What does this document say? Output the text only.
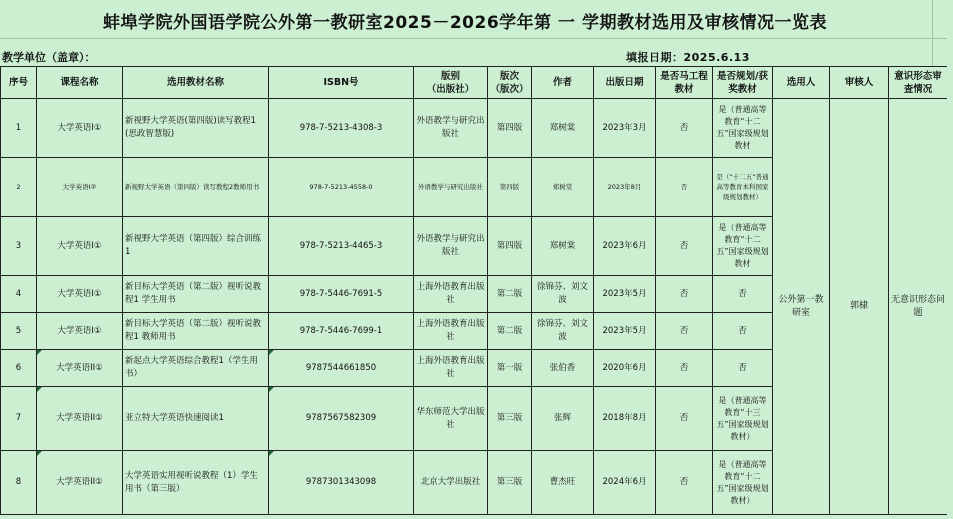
蚌埠学院外国语学院公外第一教研室2025－2026学年第 一 学期教材选用及审核情况一览表
教学单位（盖章）：	填报日期：2025.6.13
序号	课程名称	选用教材名称	ISBN号	版别
（出版社）	版次
（版次）	作者	出版日期	是否马工程教材	是否规划/获奖教材	选用人	审核人	意识形态审查情况
1	大学英语I①	新视野大学英语(第四版)读写教程1(思政智慧版)	978-7-5213-4308-3	外语教学与研究出版社	第四版	郑树棠	2023年3月	否	是（普通高等教育“十二五”国家级规划教材	公外第一教研室	郭棣	无意识形态问题
2	大学英语I②	新视野大学英语（第四版）读写教程2教师用书	978-7-5213-4558-0	外语教学与研究出版社	第四版	郑树棠	2023年8月	否	是（“十二五”普通高等教育本科国家级规划教材）			
3	大学英语I①	新视野大学英语（第四版）综合训练1	978-7-5213-4465-3	外语教学与研究出版社	第四版	郑树棠	2023年6月	否	是（普通高等教育“十二五”国家级规划教材			
4	大学英语I①	新目标大学英语（第二版）视听说教程1 学生用书	978-7-5446-7691-5	上海外语教育出版社	第二版	徐锦芬、刘文波	2023年5月	否	否			
5	大学英语I①	新目标大学英语（第二版）视听说教程1 教师用书	978-7-5446-7699-1	上海外语教育出版社	第二版	徐锦芬、刘文波	2023年5月	否	否			
6	大学英语II①	新起点大学英语综合教程1（学生用书）	9787544661850	上海外语教育出版社	第一版	张伯香	2020年6月	否	否			
7	大学英语II①	亚立特大学英语快速阅读1	9787567582309	华东师范大学出版社	第三版	张辉	2018年8月	否	是（普通高等教育“十三五”国家级规划教材）			
8	大学英语II①	大学英语实用视听说教程（1）学生用书（第三版）	9787301343098	北京大学出版社	第三版	曹杰旺	2024年6月	否	是（普通高等教育“十二五”国家级规划教材）			
